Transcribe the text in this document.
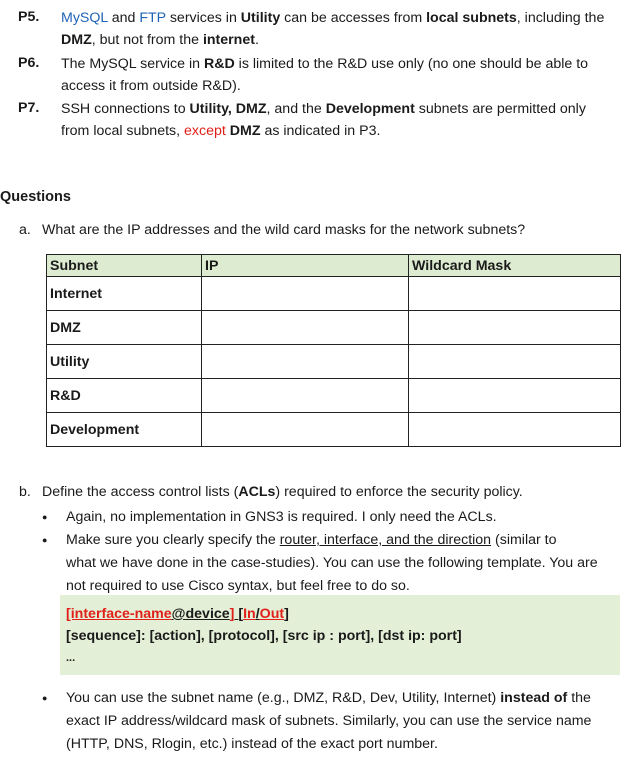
P5. MySQL and FTP services in Utility can be accesses from local subnets, including the
DMZ, but not from the internet.
P6. The MySQL service in R&D is limited to the R&D use only (no one should be able to
access it from outside R&D).
P7. SSH connections to Utility, DMZ, and the Development subnets are permitted only
from local subnets, except DMZ as indicated in P3.
Questions
a. What are the IP addresses and the wild card masks for the network subnets?
Subnet	IP	Wildcard Mask
Internet		
DMZ		
Utility		
R&D		
Development		
b. Define the access control lists (ACLs) required to enforce the security policy.
● Again, no implementation in GNS3 is required. I only need the ACLs.
● Make sure you clearly specify the router, interface, and the direction (similar to
what we have done in the case-studies). You can use the following template. You are
not required to use Cisco syntax, but feel free to do so.
[interface-name@device] [In/Out]
[sequence]: [action], [protocol], [src ip : port], [dst ip: port]
...
● You can use the subnet name (e.g., DMZ, R&D, Dev, Utility, Internet) instead of the
exact IP address/wildcard mask of subnets. Similarly, you can use the service name
(HTTP, DNS, Rlogin, etc.) instead of the exact port number.
